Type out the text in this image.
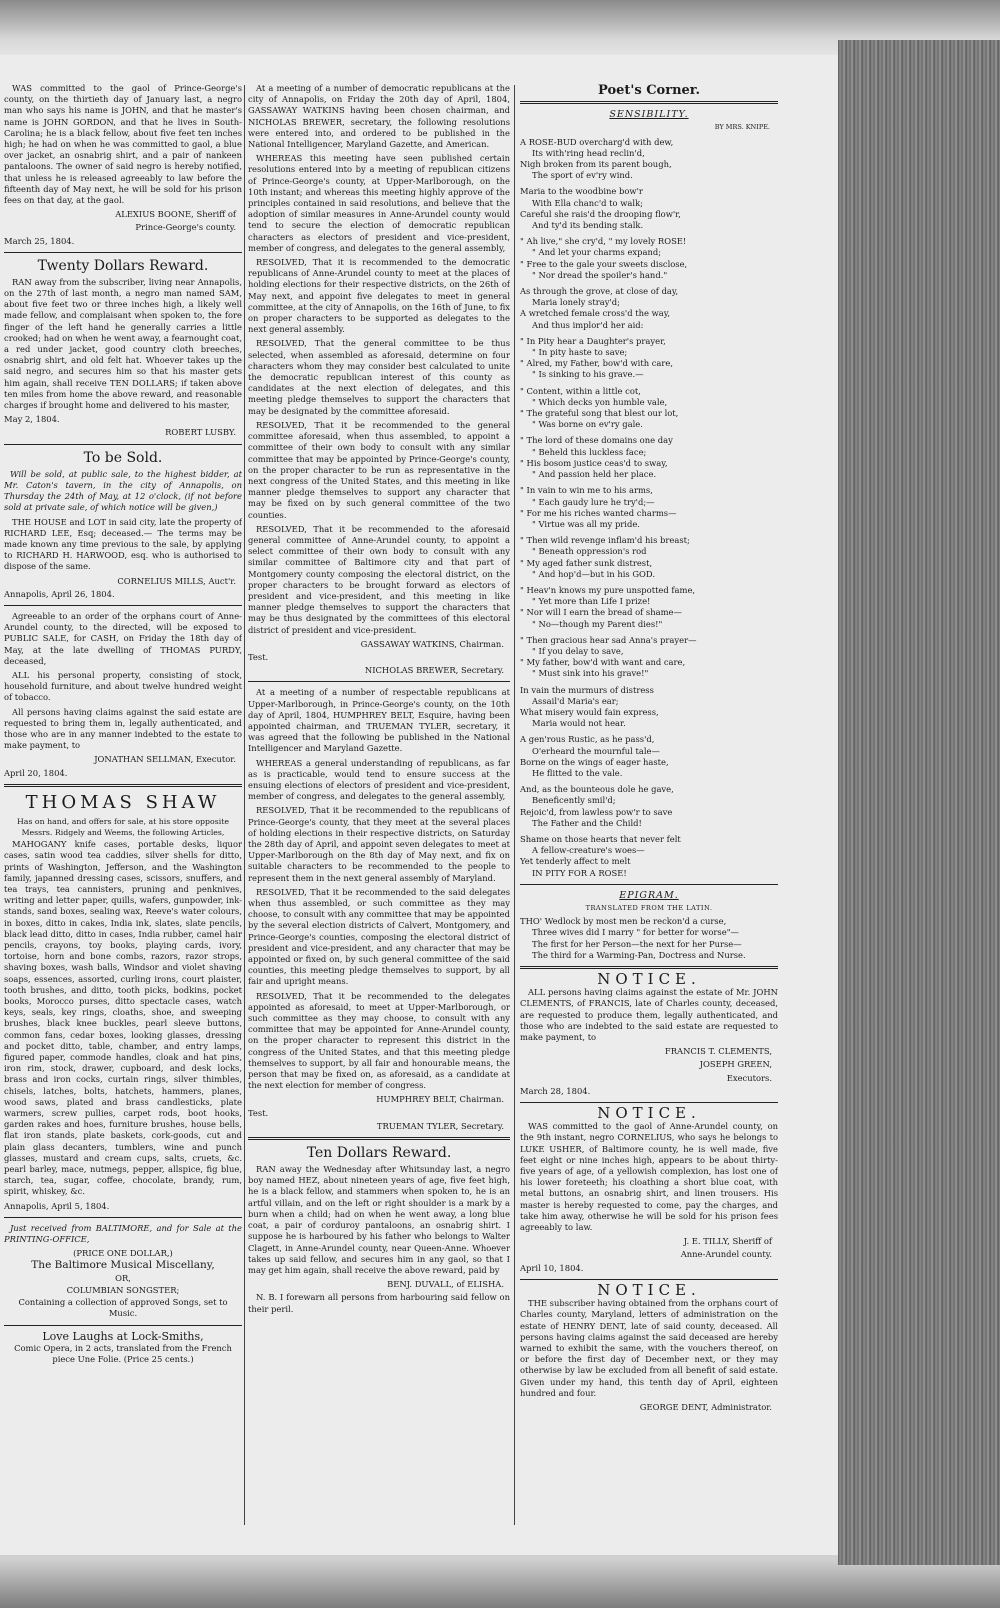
WAS committed to the gaol of Prince-George's county, on the thirtieth day of January last, a negro man who says his name is JOHN, and that he master's name is JOHN GORDON, and that he lives in South-Carolina; he is a black fellow, about five feet ten inches high; he had on when he was committed to gaol, a blue over jacket, an osnabrig shirt, and a pair of nankeen pantaloons. The owner of said negro is hereby notified, that unless he is released agreeably to law before the fifteenth day of May next, he will be sold for his prison fees on that day, at the gaol.

ALEXIUS BOONE, Sheriff of

Prince-George's county.

March 25, 1804.

Twenty Dollars Reward.

RAN away from the subscriber, living near Annapolis, on the 27th of last month, a negro man named SAM, about five feet two or three inches high, a likely well made fellow, and complaisant when spoken to, the fore finger of the left hand he generally carries a little crooked; had on when he went away, a fearnought coat, a red under jacket, good country cloth breeches, osnabrig shirt, and old felt hat. Whoever takes up the said negro, and secures him so that his master gets him again, shall receive TEN DOLLARS; if taken above ten miles from home the above reward, and reasonable charges if brought home and delivered to his master,

May 2, 1804.

ROBERT LUSBY.

To be Sold.

Will be sold, at public sale, to the highest bidder, at Mr. Caton's tavern, in the city of Annapolis, on Thursday the 24th of May, at 12 o'clock, (if not before sold at private sale, of which notice will be given,)

THE HOUSE and LOT in said city, late the property of RICHARD LEE, Esq; deceased.— The terms may be made known any time previous to the sale, by applying to RICHARD H. HARWOOD, esq. who is authorised to dispose of the same.

CORNELIUS MILLS, Auct'r.

Annapolis, April 26, 1804.

Agreeable to an order of the orphans court of Anne-Arundel county, to the directed, will be exposed to PUBLIC SALE, for CASH, on Friday the 18th day of May, at the late dwelling of THOMAS PURDY, deceased,

ALL his personal property, consisting of stock, household furniture, and about twelve hundred weight of tobacco.

All persons having claims against the said estate are requested to bring them in, legally authenticated, and those who are in any manner indebted to the estate to make payment, to

JONATHAN SELLMAN, Executor.

April 20, 1804.

THOMAS SHAW

Has on hand, and offers for sale, at his store opposite Messrs. Ridgely and Weems, the following Articles,

MAHOGANY knife cases, portable desks, liquor cases, satin wood tea caddies, silver shells for ditto, prints of Washington, Jefferson, and the Washington family, japanned dressing cases, scissors, snuffers, and tea trays, tea cannisters, pruning and penknives, writing and letter paper, quills, wafers, gunpowder, ink-stands, sand boxes, sealing wax, Reeve's water colours, in boxes, ditto in cakes, India ink, slates, slate pencils, black lead ditto, ditto in cases, India rubber, camel hair pencils, crayons, toy books, playing cards, ivory, tortoise, horn and bone combs, razors, razor strops, shaving boxes, wash balls, Windsor and violet shaving soaps, essences, assorted, curling irons, court plaister, tooth brushes, and ditto, tooth picks, bodkins, pocket books, Morocco purses, ditto spectacle cases, watch keys, seals, key rings, cloaths, shoe, and sweeping brushes, black knee buckles, pearl sleeve buttons, common fans, cedar boxes, looking glasses, dressing and pocket ditto, table, chamber, and entry lamps, figured paper, commode handles, cloak and hat pins, iron rim, stock, drawer, cupboard, and desk locks, brass and iron cocks, curtain rings, silver thimbles, chisels, latches, bolts, hatchets, hammers, planes, wood saws, plated and brass candlesticks, plate warmers, screw pullies, carpet rods, boot hooks, garden rakes and hoes, furniture brushes, house bells, flat iron stands, plate baskets, cork-goods, cut and plain glass decanters, tumblers, wine and punch glasses, mustard and cream cups, salts, cruets, &c. pearl barley, mace, nutmegs, pepper, allspice, fig blue, starch, tea, sugar, coffee, chocolate, brandy, rum, spirit, whiskey, &c.

Annapolis, April 5, 1804.

Just received from BALTIMORE, and for Sale at the PRINTING-OFFICE,

(PRICE ONE DOLLAR,)

The Baltimore Musical Miscellany,

OR,

COLUMBIAN SONGSTER;

Containing a collection of approved Songs, set to Music.

Love Laughs at Lock-Smiths,

Comic Opera, in 2 acts, translated from the French piece Une Folie. (Price 25 cents.)

At a meeting of a number of democratic republicans at the city of Annapolis, on Friday the 20th day of April, 1804, GASSAWAY WATKINS having been chosen chairman, and NICHOLAS BREWER, secretary, the following resolutions were entered into, and ordered to be published in the National Intelligencer, Maryland Gazette, and American.

WHEREAS this meeting have seen published certain resolutions entered into by a meeting of republican citizens of Prince-George's county, at Upper-Marlborough, on the 10th instant; and whereas this meeting highly approve of the principles contained in said resolutions, and believe that the adoption of similar measures in Anne-Arundel county would tend to secure the election of democratic republican characters as electors of president and vice-president, member of congress, and delegates to the general assembly,

RESOLVED, That it is recommended to the democratic republicans of Anne-Arundel county to meet at the places of holding elections for their respective districts, on the 26th of May next, and appoint five delegates to meet in general committee, at the city of Annapolis, on the 16th of June, to fix on proper characters to be supported as delegates to the next general assembly.

RESOLVED, That the general committee to be thus selected, when assembled as aforesaid, determine on four characters whom they may consider best calculated to unite the democratic republican interest of this county as candidates at the next election of delegates, and this meeting pledge themselves to support the characters that may be designated by the committee aforesaid.

RESOLVED, That it be recommended to the general committee aforesaid, when thus assembled, to appoint a committee of their own body to consult with any similar committee that may be appointed by Prince-George's county, on the proper character to be run as representative in the next congress of the United States, and this meeting in like manner pledge themselves to support any character that may be fixed on by such general committee of the two counties.

RESOLVED, That it be recommended to the aforesaid general committee of Anne-Arundel county, to appoint a select committee of their own body to consult with any similar committee of Baltimore city and that part of Montgomery county composing the electoral district, on the proper characters to be brought forward as electors of president and vice-president, and this meeting in like manner pledge themselves to support the characters that may be thus designated by the committees of this electoral district of president and vice-president.

GASSAWAY WATKINS, Chairman.

Test.

NICHOLAS BREWER, Secretary.

At a meeting of a number of respectable republicans at Upper-Marlborough, in Prince-George's county, on the 10th day of April, 1804, HUMPHREY BELT, Esquire, having been appointed chairman, and TRUEMAN TYLER, secretary, it was agreed that the following be published in the National Intelligencer and Maryland Gazette.

WHEREAS a general understanding of republicans, as far as is practicable, would tend to ensure success at the ensuing elections of electors of president and vice-president, member of congress, and delegates to the general assembly,

RESOLVED, That it be recommended to the republicans of Prince-George's county, that they meet at the several places of holding elections in their respective districts, on Saturday the 28th day of April, and appoint seven delegates to meet at Upper-Marlborough on the 8th day of May next, and fix on suitable characters to be recommended to the people to represent them in the next general assembly of Maryland.

RESOLVED, That it be recommended to the said delegates when thus assembled, or such committee as they may choose, to consult with any committee that may be appointed by the several election districts of Calvert, Montgomery, and Prince-George's counties, composing the electoral district of president and vice-president, and any character that may be appointed or fixed on, by such general committee of the said counties, this meeting pledge themselves to support, by all fair and upright means.

RESOLVED, That it be recommended to the delegates appointed as aforesaid, to meet at Upper-Marlborough, or such committee as they may choose, to consult with any committee that may be appointed for Anne-Arundel county, on the proper character to represent this district in the congress of the United States, and that this meeting pledge themselves to support, by all fair and honourable means, the person that may be fixed on, as aforesaid, as a candidate at the next election for member of congress.

HUMPHREY BELT, Chairman.

Test.

TRUEMAN TYLER, Secretary.

Ten Dollars Reward.

RAN away the Wednesday after Whitsunday last, a negro boy named HEZ, about nineteen years of age, five feet high, he is a black fellow, and stammers when spoken to, he is an artful villain, and on the left or right shoulder is a mark by a burn when a child; had on when he went away, a long blue coat, a pair of corduroy pantaloons, an osnabrig shirt. I suppose he is harboured by his father who belongs to Walter Clagett, in Anne-Arundel county, near Queen-Anne. Whoever takes up said fellow, and secures him in any gaol, so that I may get him again, shall receive the above reward, paid by

BENJ. DUVALL, of ELISHA.

N. B. I forewarn all persons from harbouring said fellow on their peril.

Poet's Corner.
SENSIBILITY.
BY MRS. KNIPE.
A ROSE-BUD overcharg'd with dew,
Its with'ring head reclin'd,
Nigh broken from its parent bough,
The sport of ev'ry wind.
Maria to the woodbine bow'r
With Ella chanc'd to walk;
Careful she rais'd the drooping flow'r,
And ty'd its bending stalk.
" Ah live," she cry'd, " my lovely ROSE!
" And let your charms expand;
" Free to the gale your sweets disclose,
" Nor dread the spoiler's hand."
As through the grove, at close of day,
Maria lonely stray'd;
A wretched female cross'd the way,
And thus implor'd her aid:
" In Pity hear a Daughter's prayer,
" In pity haste to save;
" Alred, my Father, bow'd with care,
" Is sinking to his grave.—
" Content, within a little cot,
" Which decks yon humble vale,
" The grateful song that blest our lot,
" Was borne on ev'ry gale.
" The lord of these domains one day
" Beheld this luckless face;
" His bosom justice ceas'd to sway,
" And passion held her place.
" In vain to win me to his arms,
" Each gaudy lure he try'd;—
" For me his riches wanted charms—
" Virtue was all my pride.
" Then wild revenge inflam'd his breast;
" Beneath oppression's rod
" My aged father sunk distrest,
" And hop'd—but in his GOD.
" Heav'n knows my pure unspotted fame,
" Yet more than Life I prize!
" Nor will I earn the bread of shame—
" No—though my Parent dies!"
" Then gracious hear sad Anna's prayer—
" If you delay to save,
" My father, bow'd with want and care,
" Must sink into his grave!"
In vain the murmurs of distress
Assail'd Maria's ear;
What misery would fain express,
Maria would not hear.
A gen'rous Rustic, as he pass'd,
O'erheard the mournful tale—
Borne on the wings of eager haste,
He flitted to the vale.
And, as the bounteous dole he gave,
Beneficently smil'd;
Rejoic'd, from lawless pow'r to save
The Father and the Child!
Shame on those hearts that never felt
A fellow-creature's woes—
Yet tenderly affect to melt
IN PITY FOR A ROSE!
EPIGRAM.
TRANSLATED FROM THE LATIN.
THO' Wedlock by most men be reckon'd a curse,
Three wives did I marry " for better for worse"—
The first for her Person—the next for her Purse—
The third for a Warming-Pan, Doctress and Nurse.
NOTICE.

ALL persons having claims against the estate of Mr. JOHN CLEMENTS, of FRANCIS, late of Charles county, deceased, are requested to produce them, legally authenticated, and those who are indebted to the said estate are requested to make payment, to

FRANCIS T. CLEMENTS,

JOSEPH GREEN,

Executors.

March 28, 1804.

NOTICE.

WAS committed to the gaol of Anne-Arundel county, on the 9th instant, negro CORNELIUS, who says he belongs to LUKE USHER, of Baltimore county, he is well made, five feet eight or nine inches high, appears to be about thirty-five years of age, of a yellowish complexion, has lost one of his lower foreteeth; his cloathing a short blue coat, with metal buttons, an osnabrig shirt, and linen trousers. His master is hereby requested to come, pay the charges, and take him away, otherwise he will be sold for his prison fees agreeably to law.

J. E. TILLY, Sheriff of

Anne-Arundel county.

April 10, 1804.

NOTICE.

THE subscriber having obtained from the orphans court of Charles county, Maryland, letters of administration on the estate of HENRY DENT, late of said county, deceased. All persons having claims against the said deceased are hereby warned to exhibit the same, with the vouchers thereof, on or before the first day of December next, or they may otherwise by law be excluded from all benefit of said estate. Given under my hand, this tenth day of April, eighteen hundred and four.

GEORGE DENT, Administrator.
